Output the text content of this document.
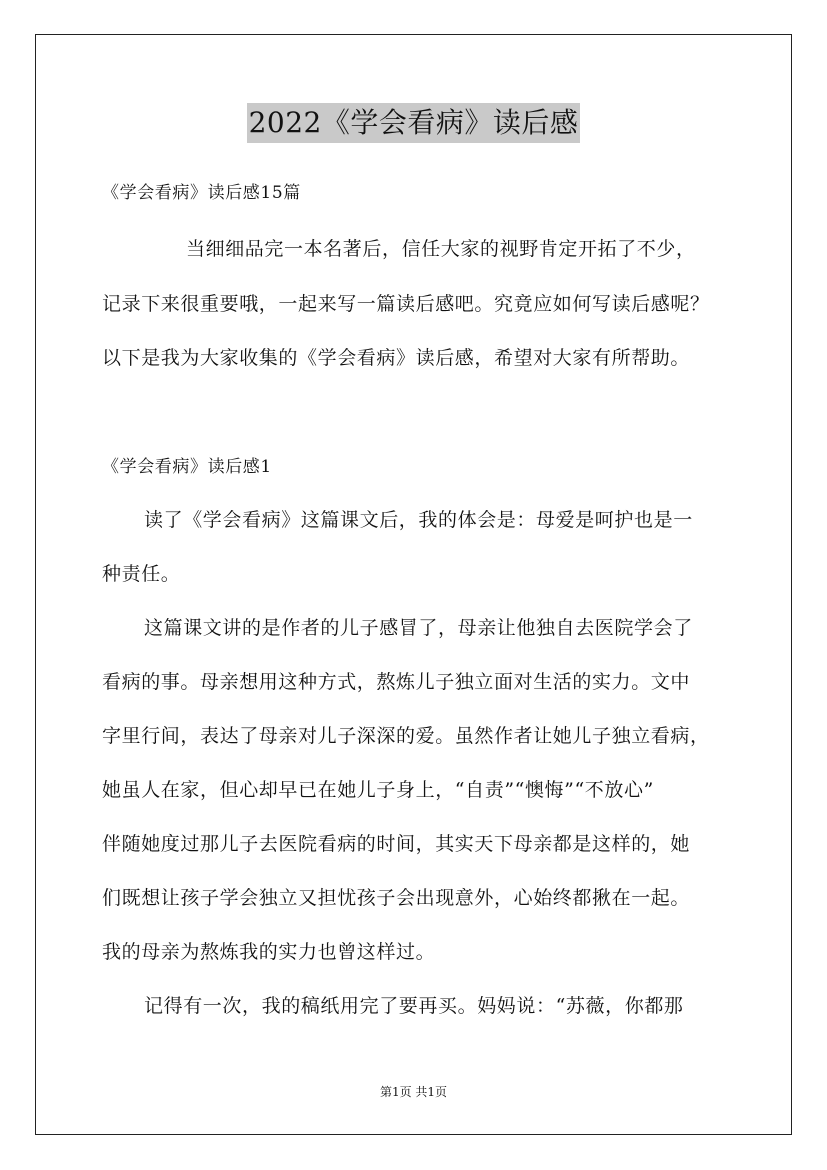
2022《学会看病》读后感
《学会看病》读后感15篇
当细细品完一本名著后，信任大家的视野肯定开拓了不少，
记录下来很重要哦，一起来写一篇读后感吧。究竟应如何写读后感呢？
以下是我为大家收集的《学会看病》读后感，希望对大家有所帮助。
《学会看病》读后感1
读了《学会看病》这篇课文后，我的体会是：母爱是呵护也是一
种责任。
这篇课文讲的是作者的儿子感冒了，母亲让他独自去医院学会了
看病的事。母亲想用这种方式，熬炼儿子独立面对生活的实力。文中
字里行间，表达了母亲对儿子深深的爱。虽然作者让她儿子独立看病，
她虽人在家，但心却早已在她儿子身上，“自责”“懊悔”“不放心”
伴随她度过那儿子去医院看病的时间，其实天下母亲都是这样的，她
们既想让孩子学会独立又担忧孩子会出现意外，心始终都揪在一起。
我的母亲为熬炼我的实力也曾这样过。
记得有一次，我的稿纸用完了要再买。妈妈说：“苏薇，你都那
第1页 共1页
